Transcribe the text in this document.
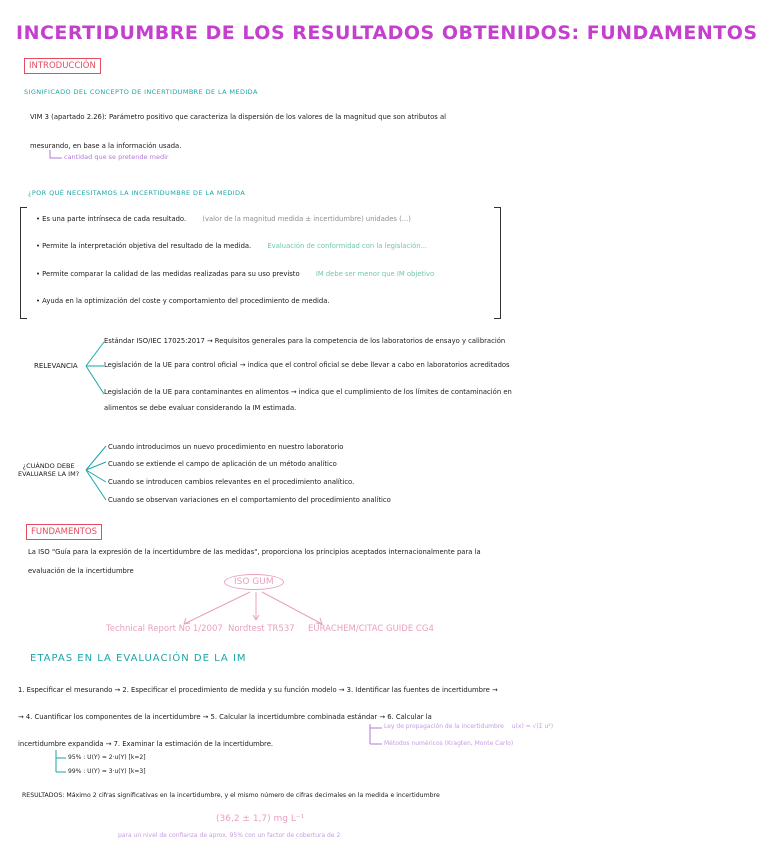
INCERTIDUMBRE DE LOS RESULTADOS OBTENIDOS: FUNDAMENTOS
INTRODUCCIÓN
SIGNIFICADO DEL CONCEPTO DE INCERTIDUMBRE DE LA MEDIDA
VIM 3 (apartado 2.26): Parámetro positivo que caracteriza la dispersión de los valores de la magnitud que son atributos al
mesurando, en base a la información usada.
cantidad que se pretende medir
¿POR QUÉ NECESITAMOS LA INCERTIDUMBRE DE LA MEDIDA
• Es una parte intrínseca de cada resultado. (valor de la magnitud medida ± incertidumbre) unidades (...)
• Permite la interpretación objetiva del resultado de la medida. Evaluación de conformidad con la legislación...
• Permite comparar la calidad de las medidas realizadas para su uso previsto IM debe ser menor que IM objetivo
• Ayuda en la optimización del coste y comportamiento del procedimiento de medida.
RELEVANCIA
Estándar ISO/IEC 17025:2017 → Requisitos generales para la competencia de los laboratorios de ensayo y calibración
Legislación de la UE para control oficial → indica que el control oficial se debe llevar a cabo en laboratorios acreditados
Legislación de la UE para contaminantes en alimentos → indica que el cumplimiento de los límites de contaminación en
alimentos se debe evaluar considerando la IM estimada.
¿CUÁNDO DEBE
EVALUARSE LA IM?
Cuando introducimos un nuevo procedimiento en nuestro laboratorio
Cuando se extiende el campo de aplicación de un método analítico
Cuando se introducen cambios relevantes en el procedimiento analítico.
Cuando se observan variaciones en el comportamiento del procedimiento analítico
FUNDAMENTOS
La ISO "Guía para la expresión de la incertidumbre de las medidas", proporciona los principios aceptados internacionalmente para la
evaluación de la incertidumbre
ISO GUM
Technical Report No 1/2007 Nordtest TR537 EURACHEM/CITAC GUIDE CG4
ETAPAS EN LA EVALUACIÓN DE LA IM
1. Especificar el mesurando → 2. Especificar el procedimiento de medida y su función modelo → 3. Identificar las fuentes de incertidumbre →
→ 4. Cuantificar los componentes de la incertidumbre → 5. Calcular la incertidumbre combinada estándar → 6. Calcular la
incertidumbre expandida → 7. Examinar la estimación de la incertidumbre.
Ley de propagación de la incertidumbre u(x) = √(Σ u²)
Métodos numéricos (Kragten, Monte Carlo)
95% : U(Y) = 2·u(Y) [k=2]
99% : U(Y) = 3·u(Y) [k=3]
RESULTADOS: Máximo 2 cifras significativas en la incertidumbre, y el mismo número de cifras decimales en la medida e incertidumbre
(36,2 ± 1,7) mg L⁻¹
para un nivel de confianza de aprox. 95% con un factor de cobertura de 2
